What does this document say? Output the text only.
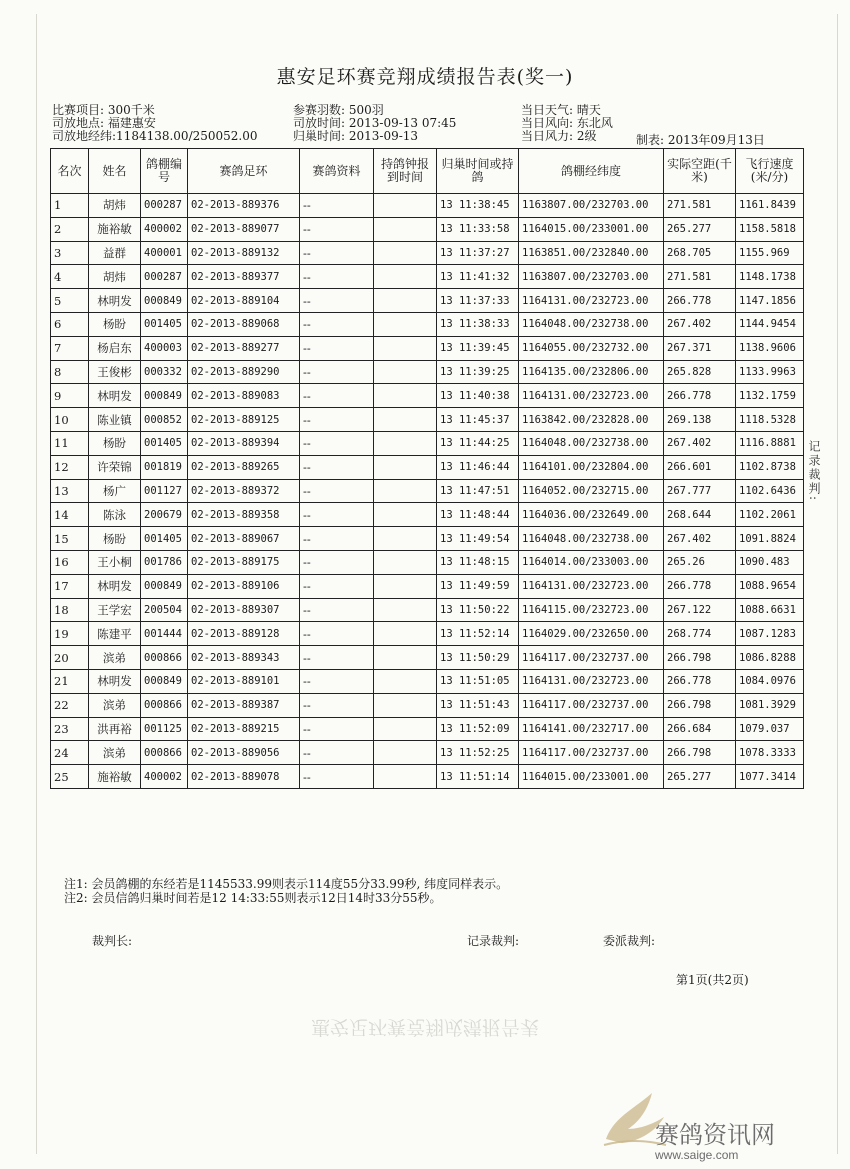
惠安足环赛竞翔成绩报告表(奖一)
比赛项目: 300千米
司放地点: 福建惠安
司放地经纬:1184138.00/250052.00
参赛羽数: 500羽
司放时间: 2013-09-13 07:45
归巢时间: 2013-09-13
当日天气: 晴天
当日风向: 东北风
当日风力: 2级	制表: 2013年09月13日
名次	姓名	鸽棚编号	赛鸽足环	赛鸽资料	持鸽钟报到时间	归巢时间或持鸽	鸽棚经纬度	实际空距(千米)	飞行速度(米/分)
1	胡炜	000287	02-2013-889376	--		13 11:38:45	1163807.00/232703.00	271.581	1161.8439
2	施裕敏	400002	02-2013-889077	--		13 11:33:58	1164015.00/233001.00	265.277	1158.5818
3	益群	400001	02-2013-889132	--		13 11:37:27	1163851.00/232840.00	268.705	1155.969
4	胡炜	000287	02-2013-889377	--		13 11:41:32	1163807.00/232703.00	271.581	1148.1738
5	林明发	000849	02-2013-889104	--		13 11:37:33	1164131.00/232723.00	266.778	1147.1856
6	杨盼	001405	02-2013-889068	--		13 11:38:33	1164048.00/232738.00	267.402	1144.9454
7	杨启东	400003	02-2013-889277	--		13 11:39:45	1164055.00/232732.00	267.371	1138.9606
8	王俊彬	000332	02-2013-889290	--		13 11:39:25	1164135.00/232806.00	265.828	1133.9963
9	林明发	000849	02-2013-889083	--		13 11:40:38	1164131.00/232723.00	266.778	1132.1759
10	陈业镇	000852	02-2013-889125	--		13 11:45:37	1163842.00/232828.00	269.138	1118.5328
11	杨盼	001405	02-2013-889394	--		13 11:44:25	1164048.00/232738.00	267.402	1116.8881
12	许荣锦	001819	02-2013-889265	--		13 11:46:44	1164101.00/232804.00	266.601	1102.8738
13	杨广	001127	02-2013-889372	--		13 11:47:51	1164052.00/232715.00	267.777	1102.6436
14	陈泳	200679	02-2013-889358	--		13 11:48:44	1164036.00/232649.00	268.644	1102.2061
15	杨盼	001405	02-2013-889067	--		13 11:49:54	1164048.00/232738.00	267.402	1091.8824
16	王小桐	001786	02-2013-889175	--		13 11:48:15	1164014.00/233003.00	265.26	1090.483
17	林明发	000849	02-2013-889106	--		13 11:49:59	1164131.00/232723.00	266.778	1088.9654
18	王学宏	200504	02-2013-889307	--		13 11:50:22	1164115.00/232723.00	267.122	1088.6631
19	陈建平	001444	02-2013-889128	--		13 11:52:14	1164029.00/232650.00	268.774	1087.1283
20	滨弟	000866	02-2013-889343	--		13 11:50:29	1164117.00/232737.00	266.798	1086.8288
21	林明发	000849	02-2013-889101	--		13 11:51:05	1164131.00/232723.00	266.778	1084.0976
22	滨弟	000866	02-2013-889387	--		13 11:51:43	1164117.00/232737.00	266.798	1081.3929
23	洪再裕	001125	02-2013-889215	--		13 11:52:09	1164141.00/232717.00	266.684	1079.037
24	滨弟	000866	02-2013-889056	--		13 11:52:25	1164117.00/232737.00	266.798	1078.3333
25	施裕敏	400002	02-2013-889078	--		13 11:51:14	1164015.00/233001.00	265.277	1077.3414
注1: 会员鸽棚的东经若是1145533.99则表示114度55分33.99秒, 纬度同样表示。
注2: 会员信鸽归巢时间若是12 14:33:55则表示12日14时33分55秒。
裁判长:	记录裁判:	委派裁判:
第1页(共2页)
记录裁判:
惠安足环赛竞翔成绩报告表
赛鸽资讯网
www.saige.com
